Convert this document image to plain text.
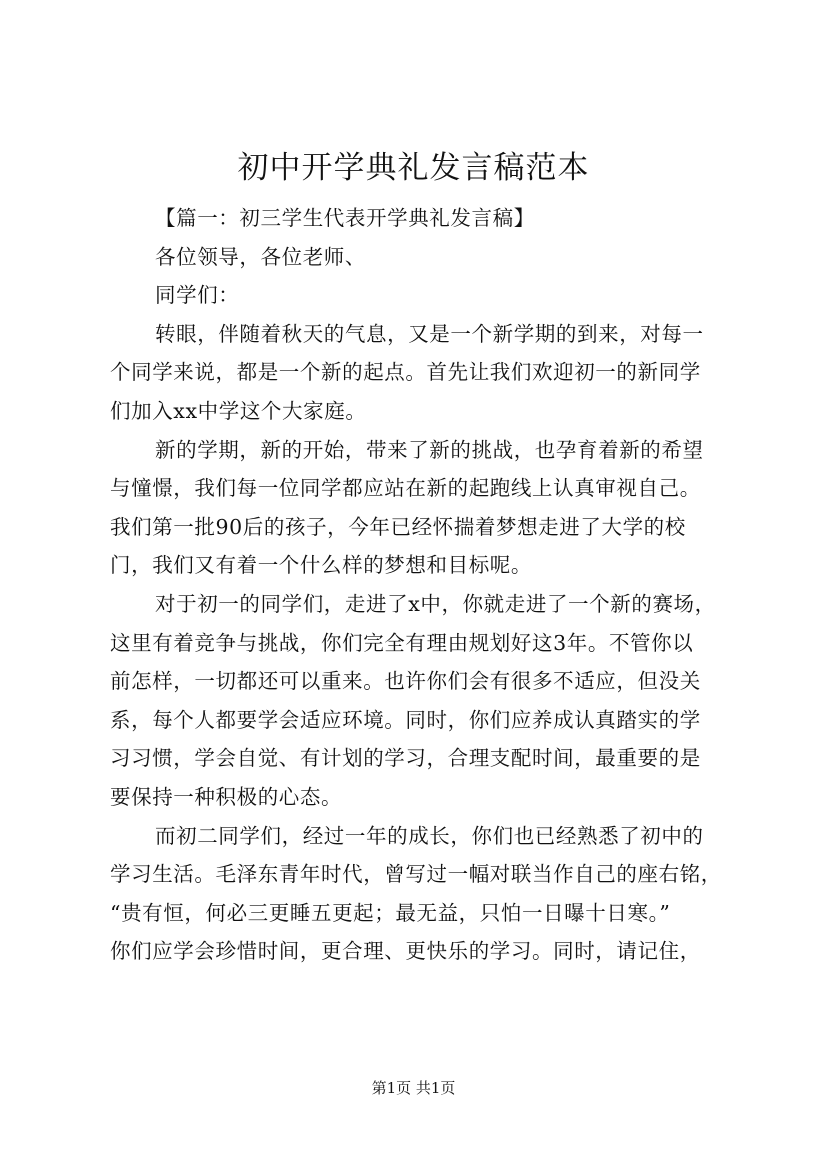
初中开学典礼发言稿范本
【篇一：初三学生代表开学典礼发言稿】
各位领导，各位老师、
同学们：
转眼，伴随着秋天的气息，又是一个新学期的到来，对每一
个同学来说，都是一个新的起点。首先让我们欢迎初一的新同学
们加入xx中学这个大家庭。
新的学期，新的开始，带来了新的挑战，也孕育着新的希望
与憧憬，我们每一位同学都应站在新的起跑线上认真审视自己。
我们第一批90后的孩子，今年已经怀揣着梦想走进了大学的校
门，我们又有着一个什么样的梦想和目标呢。
对于初一的同学们，走进了x中，你就走进了一个新的赛场，
这里有着竞争与挑战，你们完全有理由规划好这3年。不管你以
前怎样，一切都还可以重来。也许你们会有很多不适应，但没关
系，每个人都要学会适应环境。同时，你们应养成认真踏实的学
习习惯，学会自觉、有计划的学习，合理支配时间，最重要的是
要保持一种积极的心态。
而初二同学们，经过一年的成长，你们也已经熟悉了初中的
学习生活。毛泽东青年时代，曾写过一幅对联当作自己的座右铭，
“贵有恒，何必三更睡五更起；最无益，只怕一日曝十日寒。”
你们应学会珍惜时间，更合理、更快乐的学习。同时，请记住，
第1页 共1页
